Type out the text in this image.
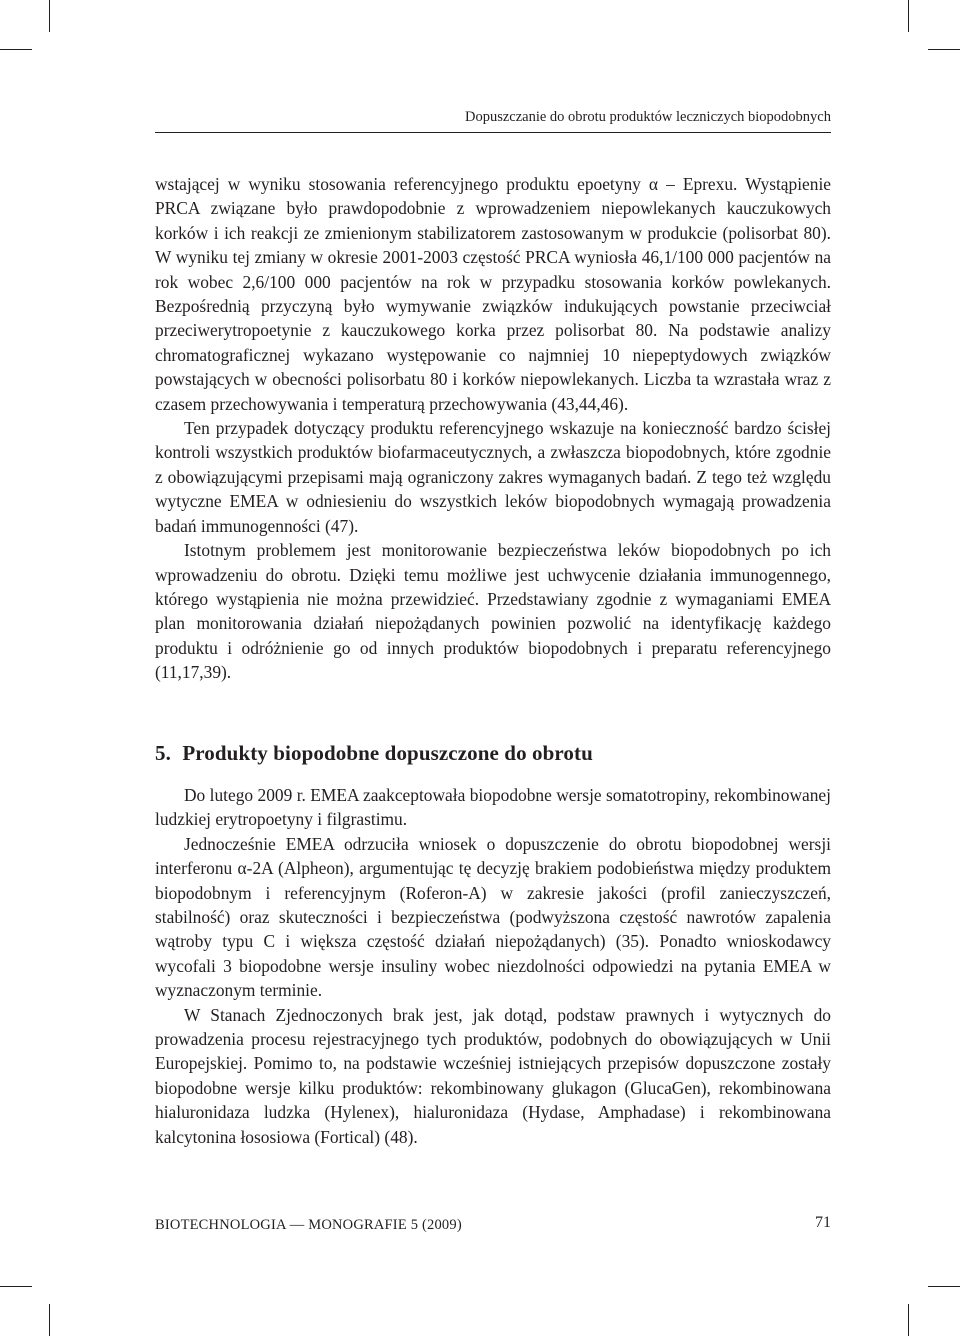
Dopuszczanie do obrotu produktów leczniczych biopodobnych

wstającej w wyniku stosowania referencyjnego produktu epoetyny α – Eprexu. Wystąpienie PRCA związane było prawdopodobnie z wprowadzeniem niepowlekanych kauczukowych korków i ich reakcji ze zmienionym stabilizatorem zastosowanym w produkcie (polisorbat 80). W wyniku tej zmiany w okresie 2001-2003 częstość PRCA wyniosła 46,1/100 000 pacjentów na rok wobec 2,6/100 000 pacjentów na rok w przypadku stosowania korków powlekanych. Bezpośrednią przyczyną było wymywanie związków indukujących powstanie przeciwciał przeciwerytropoetynie z kauczukowego korka przez polisorbat 80. Na podstawie analizy chromatograficznej wykazano występowanie co najmniej 10 niepeptydowych związków powstających w obecności polisorbatu 80 i korków niepowlekanych. Liczba ta wzrastała wraz z czasem przechowywania i temperaturą przechowywania (43,44,46).

Ten przypadek dotyczący produktu referencyjnego wskazuje na konieczność bardzo ścisłej kontroli wszystkich produktów biofarmaceutycznych, a zwłaszcza biopodobnych, które zgodnie z obowiązującymi przepisami mają ograniczony zakres wymaganych badań. Z tego też względu wytyczne EMEA w odniesieniu do wszystkich leków biopodobnych wymagają prowadzenia badań immunogenności (47).

Istotnym problemem jest monitorowanie bezpieczeństwa leków biopodobnych po ich wprowadzeniu do obrotu. Dzięki temu możliwe jest uchwycenie działania immunogennego, którego wystąpienia nie można przewidzieć. Przedstawiany zgodnie z wymaganiami EMEA plan monitorowania działań niepożądanych powinien pozwolić na identyfikację każdego produktu i odróżnienie go od innych produktów biopodobnych i preparatu referencyjnego (11,17,39).

5. Produkty biopodobne dopuszczone do obrotu

Do lutego 2009 r. EMEA zaakceptowała biopodobne wersje somatotropiny, rekombinowanej ludzkiej erytropoetyny i filgrastimu.

Jednocześnie EMEA odrzuciła wniosek o dopuszczenie do obrotu biopodobnej wersji interferonu α-2A (Alpheon), argumentując tę decyzję brakiem podobieństwa między produktem biopodobnym i referencyjnym (Roferon-A) w zakresie jakości (profil zanieczyszczeń, stabilność) oraz skuteczności i bezpieczeństwa (podwyższona częstość nawrotów zapalenia wątroby typu C i większa częstość działań niepożądanych) (35). Ponadto wnioskodawcy wycofali 3 biopodobne wersje insuliny wobec niezdolności odpowiedzi na pytania EMEA w wyznaczonym terminie.

W Stanach Zjednoczonych brak jest, jak dotąd, podstaw prawnych i wytycznych do prowadzenia procesu rejestracyjnego tych produktów, podobnych do obowiązujących w Unii Europejskiej. Pomimo to, na podstawie wcześniej istniejących przepisów dopuszczone zostały biopodobne wersje kilku produktów: rekombinowany glukagon (GlucaGen), rekombinowana hialuronidaza ludzka (Hylenex), hialuronidaza (Hydase, Amphadase) i rekombinowana kalcytonina łososiowa (Fortical) (48).

BIOTECHNOLOGIA — MONOGRAFIE 5 (2009)	71
